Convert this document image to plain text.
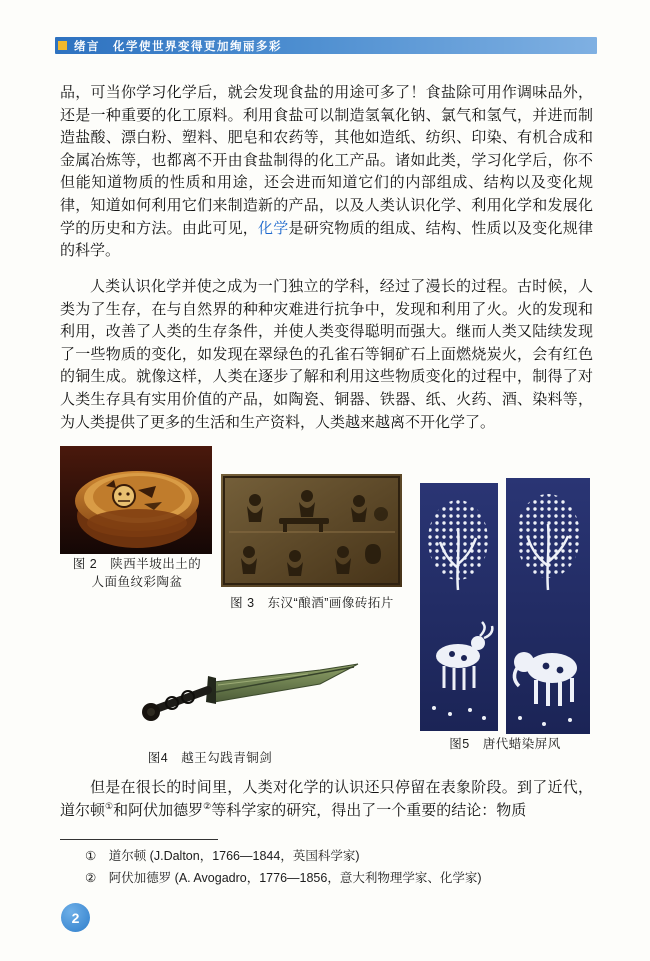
绪言　化学使世界变得更加绚丽多彩

品，可当你学习化学后，就会发现食盐的用途可多了！食盐除可用作调味品外，还是一种重要的化工原料。利用食盐可以制造氢氧化钠、氯气和氢气，并进而制造盐酸、漂白粉、塑料、肥皂和农药等，其他如造纸、纺织、印染、有机合成和金属冶炼等，也都离不开由食盐制得的化工产品。诸如此类，学习化学后，你不但能知道物质的性质和用途，还会进而知道它们的内部组成、结构以及变化规律，知道如何利用它们来制造新的产品，以及人类认识化学、利用化学和发展化学的历史和方法。由此可见，化学是研究物质的组成、结构、性质以及变化规律的科学。

人类认识化学并使之成为一门独立的学科，经过了漫长的过程。古时候，人类为了生存，在与自然界的种种灾难进行抗争中，发现和利用了火。火的发现和利用，改善了人类的生存条件，并使人类变得聪明而强大。继而人类又陆续发现了一些物质的变化，如发现在翠绿色的孔雀石等铜矿石上面燃烧炭火，会有红色的铜生成。就像这样，人类在逐步了解和利用这些物质变化的过程中，制得了对人类生存具有实用价值的产品，如陶瓷、铜器、铁器、纸、火药、酒、染料等，为人类提供了更多的生活和生产资料，人类越来越离不开化学了。

图 2　陕西半坡出土的
人面鱼纹彩陶盆
图 3　东汉“酿酒”画像砖拓片
图4　越王勾践青铜剑
图5　唐代蜡染屏风

但是在很长的时间里，人类对化学的认识还只停留在表象阶段。到了近代，道尔顿①和阿伏加德罗②等科学家的研究，得出了一个重要的结论：物质

①　道尔顿 (J.Dalton，1766—1844，英国科学家)
②　阿伏加德罗 (A. Avogadro，1776—1856，意大利物理学家、化学家)
2
